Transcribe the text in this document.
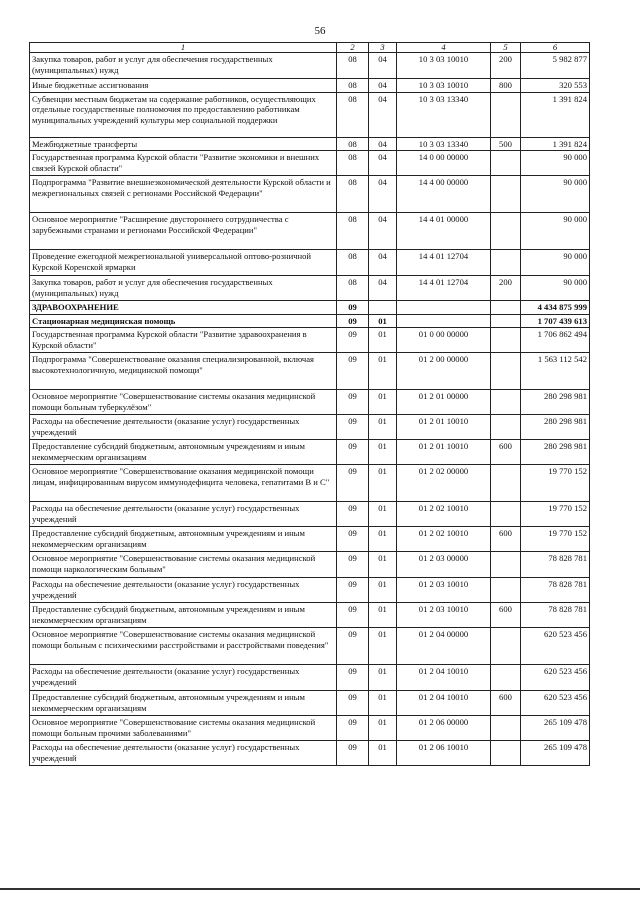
56
1	2	3	4	5	6
Закупка товаров, работ и услуг для обеспечения государственных (муниципальных) нужд	08	04	10 3 03 10010	200	5 982 877
Иные бюджетные ассигнования	08	04	10 3 03 10010	800	320 553
Субвенции местным бюджетам на содержание работников, осуществляющих отдельные государственные полномочия по предоставлению работникам муниципальных учреждений культуры мер социальной поддержки	08	04	10 3 03 13340		1 391 824
Межбюджетные трансферты	08	04	10 3 03 13340	500	1 391 824
Государственная программа Курской области "Развитие экономики и внешних связей Курской области"	08	04	14 0 00 00000		90 000
Подпрограмма "Развитие внешнеэкономической деятельности Курской области и межрегиональных связей с регионами Российской Федерации"	08	04	14 4 00 00000		90 000
Основное мероприятие "Расширение двустороннего сотрудничества с зарубежными странами и регионами Российской Федерации"	08	04	14 4 01 00000		90 000
Проведение ежегодной межрегиональной универсальной оптово-розничной Курской Коренской ярмарки	08	04	14 4 01 12704		90 000
Закупка товаров, работ и услуг для обеспечения государственных (муниципальных) нужд	08	04	14 4 01 12704	200	90 000
ЗДРАВООХРАНЕНИЕ	09				4 434 875 999
Стационарная медицинская помощь	09	01			1 707 439 613
Государственная программа Курской области "Развитие здравоохранения в Курской области"	09	01	01 0 00 00000		1 706 862 494
Подпрограмма "Совершенствование оказания специализированной, включая высокотехнологичную, медицинской помощи"	09	01	01 2 00 00000		1 563 112 542
Основное мероприятие "Совершенствование системы оказания медицинской помощи больным туберкулёзом"	09	01	01 2 01 00000		280 298 981
Расходы на обеспечение деятельности (оказание услуг) государственных учреждений	09	01	01 2 01 10010		280 298 981
Предоставление субсидий бюджетным, автономным учреждениям и иным некоммерческим организациям	09	01	01 2 01 10010	600	280 298 981
Основное мероприятие "Совершенствование оказания медицинской помощи лицам, инфицированным вирусом иммунодефицита человека, гепатитами В и С"	09	01	01 2 02 00000		19 770 152
Расходы на обеспечение деятельности (оказание услуг) государственных учреждений	09	01	01 2 02 10010		19 770 152
Предоставление субсидий бюджетным, автономным учреждениям и иным некоммерческим организациям	09	01	01 2 02 10010	600	19 770 152
Основное мероприятие "Совершенствование системы оказания медицинской помощи наркологическим больным"	09	01	01 2 03 00000		78 828 781
Расходы на обеспечение деятельности (оказание услуг) государственных учреждений	09	01	01 2 03 10010		78 828 781
Предоставление субсидий бюджетным, автономным учреждениям и иным некоммерческим организациям	09	01	01 2 03 10010	600	78 828 781
Основное мероприятие "Совершенствование системы оказания медицинской помощи больным с психическими расстройствами и расстройствами поведения"	09	01	01 2 04 00000		620 523 456
Расходы на обеспечение деятельности (оказание услуг) государственных учреждений	09	01	01 2 04 10010		620 523 456
Предоставление субсидий бюджетным, автономным учреждениям и иным некоммерческим организациям	09	01	01 2 04 10010	600	620 523 456
Основное мероприятие "Совершенствование системы оказания медицинской помощи больным прочими заболеваниями"	09	01	01 2 06 00000		265 109 478
Расходы на обеспечение деятельности (оказание услуг) государственных учреждений	09	01	01 2 06 10010		265 109 478
